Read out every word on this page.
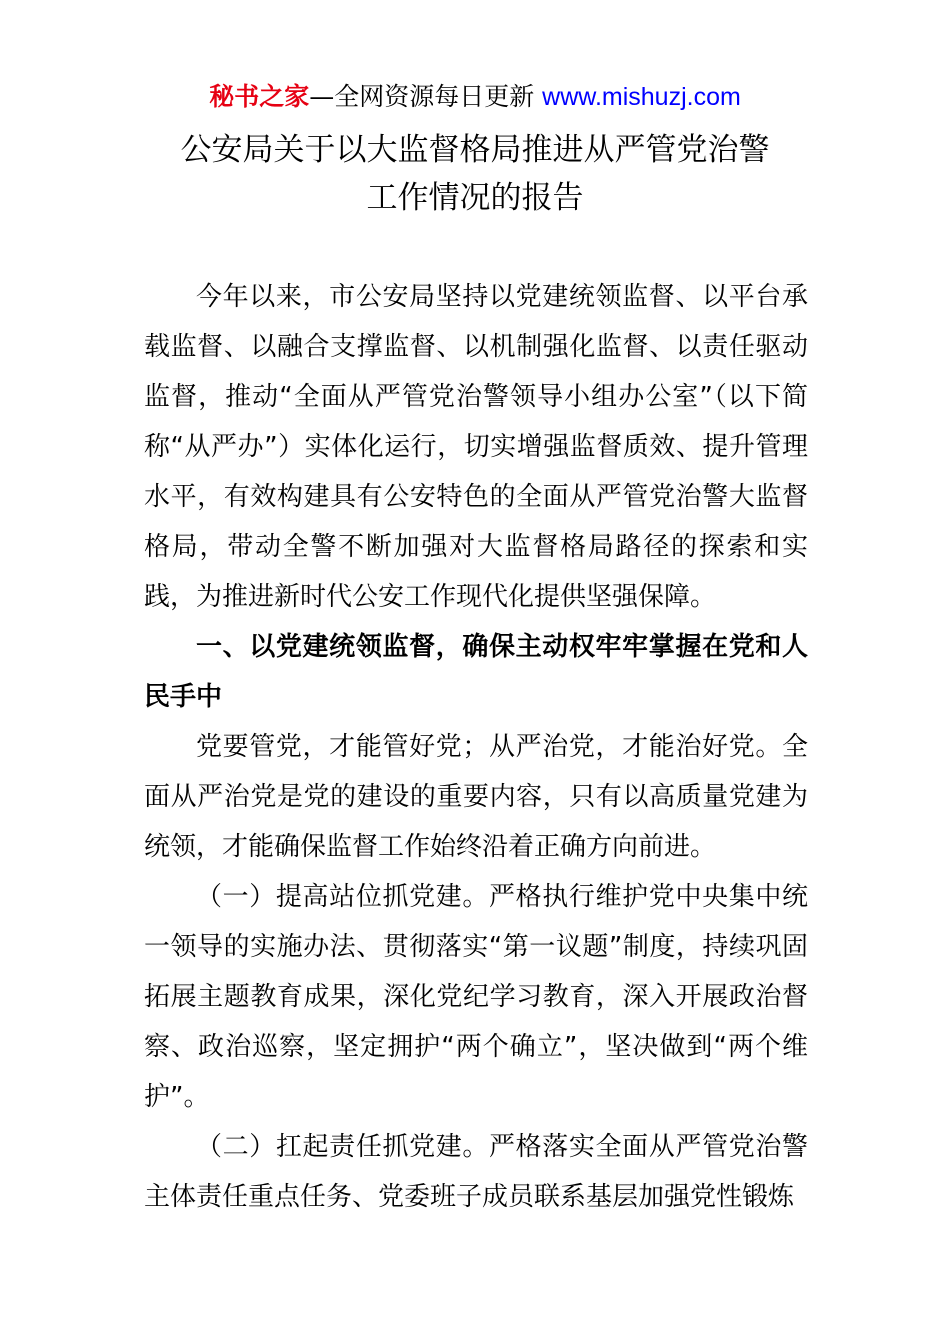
秘书之家—全网资源每日更新 www.mishuzj.com
公安局关于以大监督格局推进从严管党治警
工作情况的报告

今年以来，市公安局坚持以党建统领监督、以平台承载监督、以融合支撑监督、以机制强化监督、以责任驱动监督，推动“全面从严管党治警领导小组办公室”（以下简称“从严办”）实体化运行，切实增强监督质效、提升管理水平，有效构建具有公安特色的全面从严管党治警大监督格局，带动全警不断加强对大监督格局路径的探索和实践，为推进新时代公安工作现代化提供坚强保障。

一、以党建统领监督，确保主动权牢牢掌握在党和人民手中

党要管党，才能管好党；从严治党，才能治好党。全面从严治党是党的建设的重要内容，只有以高质量党建为统领，才能确保监督工作始终沿着正确方向前进。

（一）提高站位抓党建。严格执行维护党中央集中统一领导的实施办法、贯彻落实“第一议题”制度，持续巩固拓展主题教育成果，深化党纪学习教育，深入开展政治督察、政治巡察，坚定拥护“两个确立”，坚决做到“两个维护”。

（二）扛起责任抓党建。严格落实全面从严管党治警主体责任重点任务、党委班子成员联系基层加强党性锻炼
